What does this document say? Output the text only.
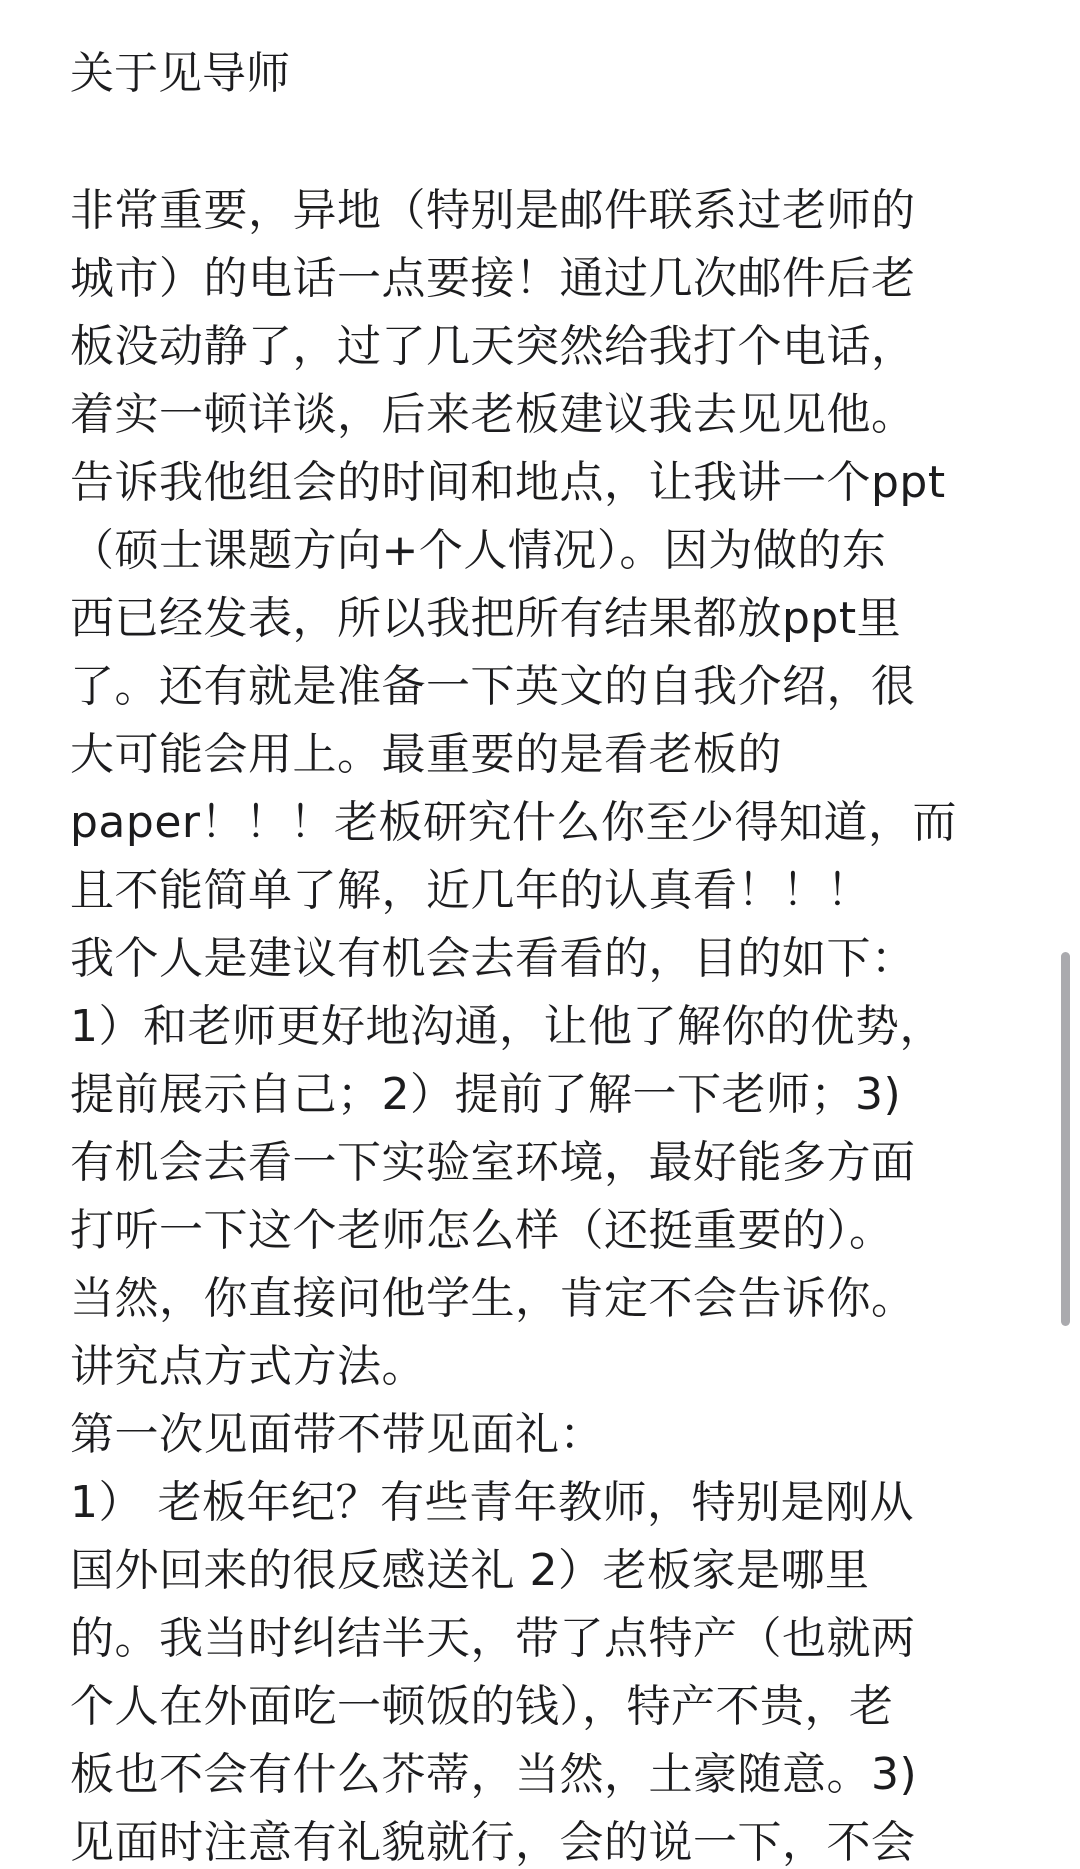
关于见导师
非常重要，异地（特别是邮件联系过老师的
城市）的电话一点要接！通过几次邮件后老
板没动静了，过了几天突然给我打个电话，
着实一顿详谈，后来老板建议我去见见他。
告诉我他组会的时间和地点，让我讲一个ppt
（硕士课题方向+个人情况）。因为做的东
西已经发表，所以我把所有结果都放ppt里
了。还有就是准备一下英文的自我介绍，很
大可能会用上。最重要的是看老板的
paper！！！老板研究什么你至少得知道，而
且不能简单了解，近几年的认真看！！！
我个人是建议有机会去看看的，目的如下：
1）和老师更好地沟通，让他了解你的优势，
提前展示自己；2）提前了解一下老师；3)
有机会去看一下实验室环境，最好能多方面
打听一下这个老师怎么样（还挺重要的）。
当然，你直接问他学生，肯定不会告诉你。
讲究点方式方法。
第一次见面带不带见面礼：
1） 老板年纪？有些青年教师，特别是刚从
国外回来的很反感送礼 2）老板家是哪里
的。我当时纠结半天，带了点特产（也就两
个人在外面吃一顿饭的钱），特产不贵，老
板也不会有什么芥蒂，当然，土豪随意。3)
见面时注意有礼貌就行，会的说一下，不会
